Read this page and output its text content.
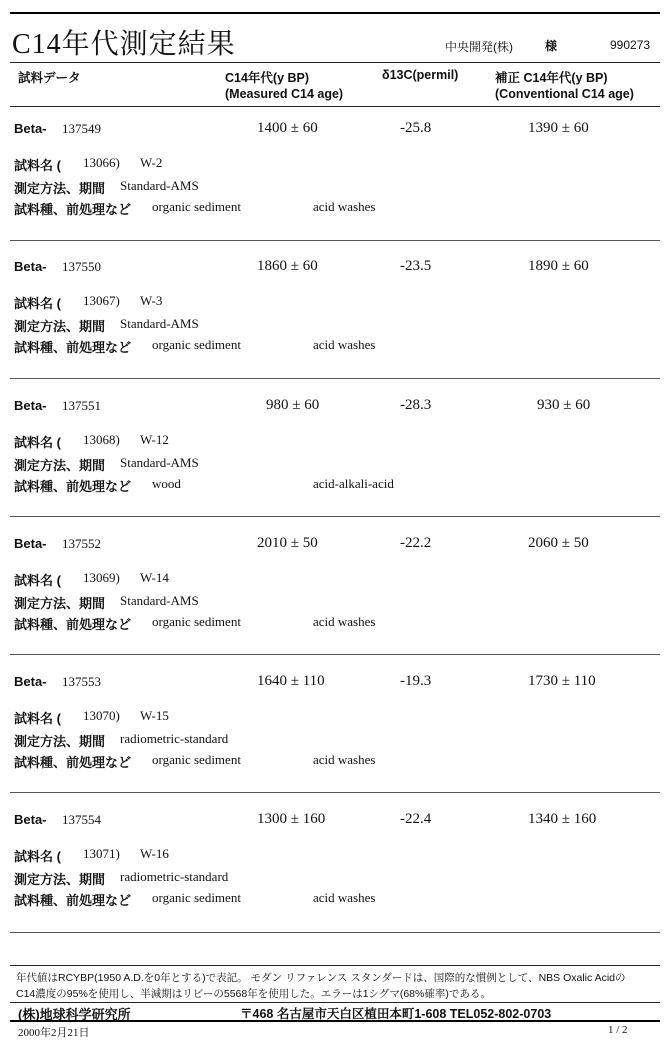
C14年代測定結果	中央開発(株)	様	990273
試料データ	C14年代(y BP)
(Measured C14 age)
δ13C(permil)	補正 C14年代(y BP)
(Conventional C14 age)
Beta- 137549	1400 ± 60	-25.8	1390 ± 60
試料名 ( 13066) W-2
測定方法、期間 Standard-AMS
試料種、前処理など organic sediment	acid washes
Beta- 137550	1860 ± 60	-23.5	1890 ± 60
試料名 ( 13067) W-3
測定方法、期間 Standard-AMS
試料種、前処理など organic sediment	acid washes
Beta- 137551	980 ± 60	-28.3	930 ± 60
試料名 ( 13068) W-12
測定方法、期間 Standard-AMS
試料種、前処理など wood	acid-alkali-acid
Beta- 137552	2010 ± 50	-22.2	2060 ± 50
試料名 ( 13069) W-14
測定方法、期間 Standard-AMS
試料種、前処理など organic sediment	acid washes
Beta- 137553	1640 ± 110	-19.3	1730 ± 110
試料名 ( 13070) W-15
測定方法、期間 radiometric-standard
試料種、前処理など organic sediment	acid washes
Beta- 137554	1300 ± 160	-22.4	1340 ± 160
試料名 ( 13071) W-16
測定方法、期間 radiometric-standard
試料種、前処理など organic sediment	acid washes
年代値はRCYBP(1950 A.D.を0年とする)で表記。 モダン リファレンス スタンダードは、国際的な慣例として、NBS Oxalic Acidの
C14濃度の95%を使用し、半減期はリビーの5568年を使用した。エラーは1シグマ(68%確率)である。
(株)地球科学研究所	〒468 名古屋市天白区植田本町1-608 TEL052-802-0703
2000年2月21日	1 / 2
